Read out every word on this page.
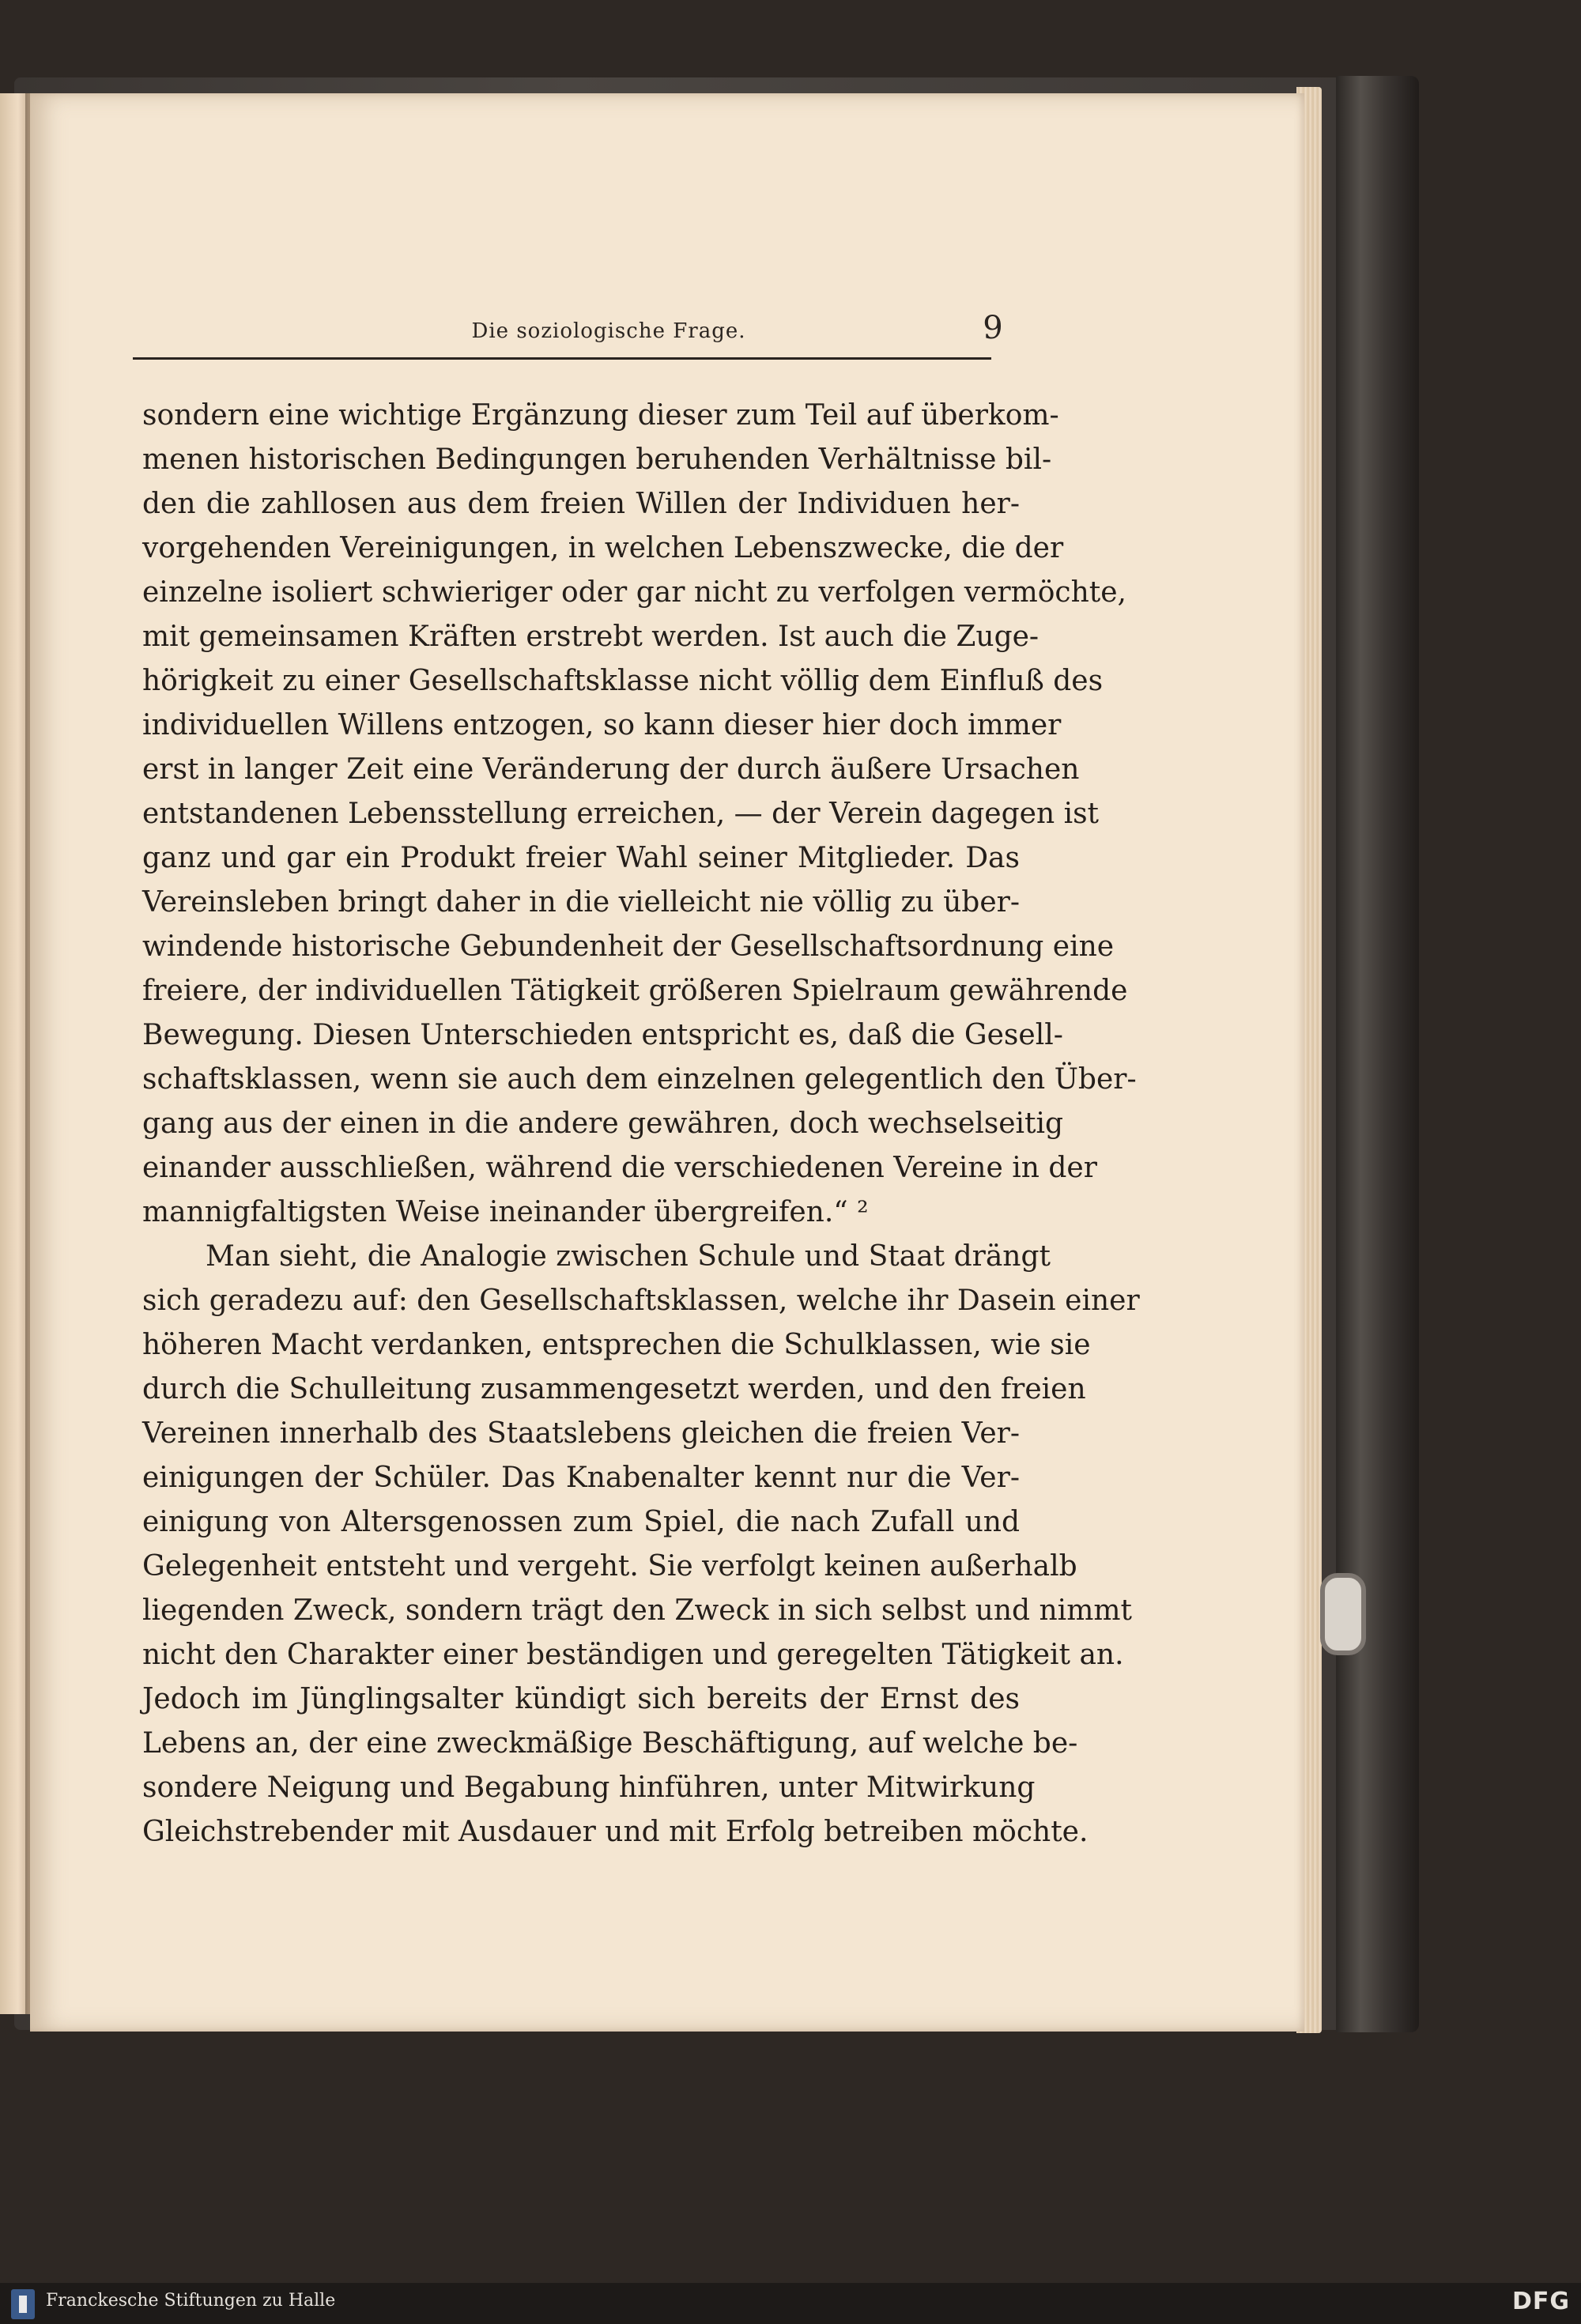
Die soziologische Frage.	9
sondern eine wichtige Ergänzung dieser zum Teil auf überkom-
menen historischen Bedingungen beruhenden Verhältnisse bil-
den die zahllosen aus dem freien Willen der Individuen her-
vorgehenden Vereinigungen, in welchen Lebenszwecke, die der
einzelne isoliert schwieriger oder gar nicht zu verfolgen vermöchte,
mit gemeinsamen Kräften erstrebt werden. Ist auch die Zuge-
hörigkeit zu einer Gesellschaftsklasse nicht völlig dem Einfluß des
individuellen Willens entzogen, so kann dieser hier doch immer
erst in langer Zeit eine Veränderung der durch äußere Ursachen
entstandenen Lebensstellung erreichen, — der Verein dagegen ist
ganz und gar ein Produkt freier Wahl seiner Mitglieder. Das
Vereinsleben bringt daher in die vielleicht nie völlig zu über-
windende historische Gebundenheit der Gesellschaftsordnung eine
freiere, der individuellen Tätigkeit größeren Spielraum gewährende
Bewegung. Diesen Unterschieden entspricht es, daß die Gesell-
schaftsklassen, wenn sie auch dem einzelnen gelegentlich den Über-
gang aus der einen in die andere gewähren, doch wechselseitig
einander ausschließen, während die verschiedenen Vereine in der
mannigfaltigsten Weise ineinander übergreifen.“ ²
Man sieht, die Analogie zwischen Schule und Staat drängt
sich geradezu auf: den Gesellschaftsklassen, welche ihr Dasein einer
höheren Macht verdanken, entsprechen die Schulklassen, wie sie
durch die Schulleitung zusammengesetzt werden, und den freien
Vereinen innerhalb des Staatslebens gleichen die freien Ver-
einigungen der Schüler. Das Knabenalter kennt nur die Ver-
einigung von Altersgenossen zum Spiel, die nach Zufall und
Gelegenheit entsteht und vergeht. Sie verfolgt keinen außerhalb
liegenden Zweck, sondern trägt den Zweck in sich selbst und nimmt
nicht den Charakter einer beständigen und geregelten Tätigkeit an.
Jedoch im Jünglingsalter kündigt sich bereits der Ernst des
Lebens an, der eine zweckmäßige Beschäftigung, auf welche be-
sondere Neigung und Begabung hinführen, unter Mitwirkung
Gleichstrebender mit Ausdauer und mit Erfolg betreiben möchte.
Franckesche Stiftungen zu Halle	DFG
